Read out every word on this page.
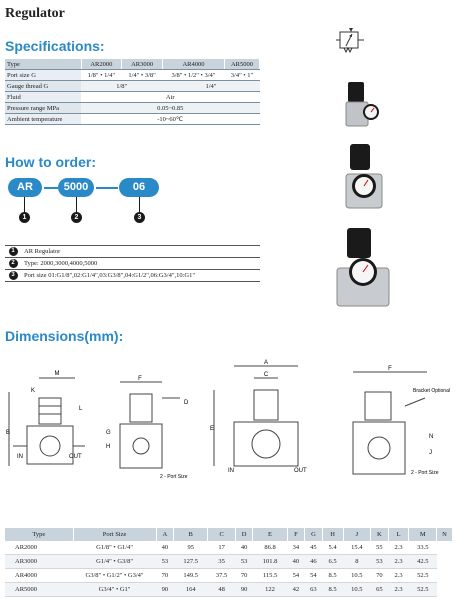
Regulator
Specifications:
Type	AR2000	AR3000	AR4000	AR5000
Port size G	1/8" • 1/4"	1/4" • 3/8"	3/8" • 1/2" • 3/4"	3/4" • 1"
Gauge thread G	1/8"		1/4"	
Fluid	Air			
Pressure range MPa	0.05~0.85			
Ambient temperature	-10~60℃			
How to order:
AR	5000	06
1	2	3
1	AR Regulator
2	Type: 2000,3000,4000,5000
3	Port size 01:G1/8",02:G1/4",03:G3/8",04:G1/2",06:G3/4",10:G1"
Dimensions(mm):
M
B
K
L
IN	OUT
F
D
G
H
2 - Port Size
A
C
E
IN	OUT
F
Bracket Optional
2 - Port Size
N
J
Type	Port Size	A	B	C	D	E	F	G	H	J	K	L	M	N
AR2000	G1/8" • G1/4"	40	95	17	40	86.8	34	45	5.4	15.4	55	2.3	33.5	
AR3000	G1/4" • G3/8"	53	127.5	35	53	101.8	40	46	6.5	8	53	2.3	42.5	
AR4000	G3/8" • G1/2" • G3/4"	70	149.5	37.5	70	115.5	54	54	8.5	10.5	70	2.3	52.5	
AR5000	G3/4" • G1"	90	164	48	90	122	42	63	8.5	10.5	65	2.3	52.5	
